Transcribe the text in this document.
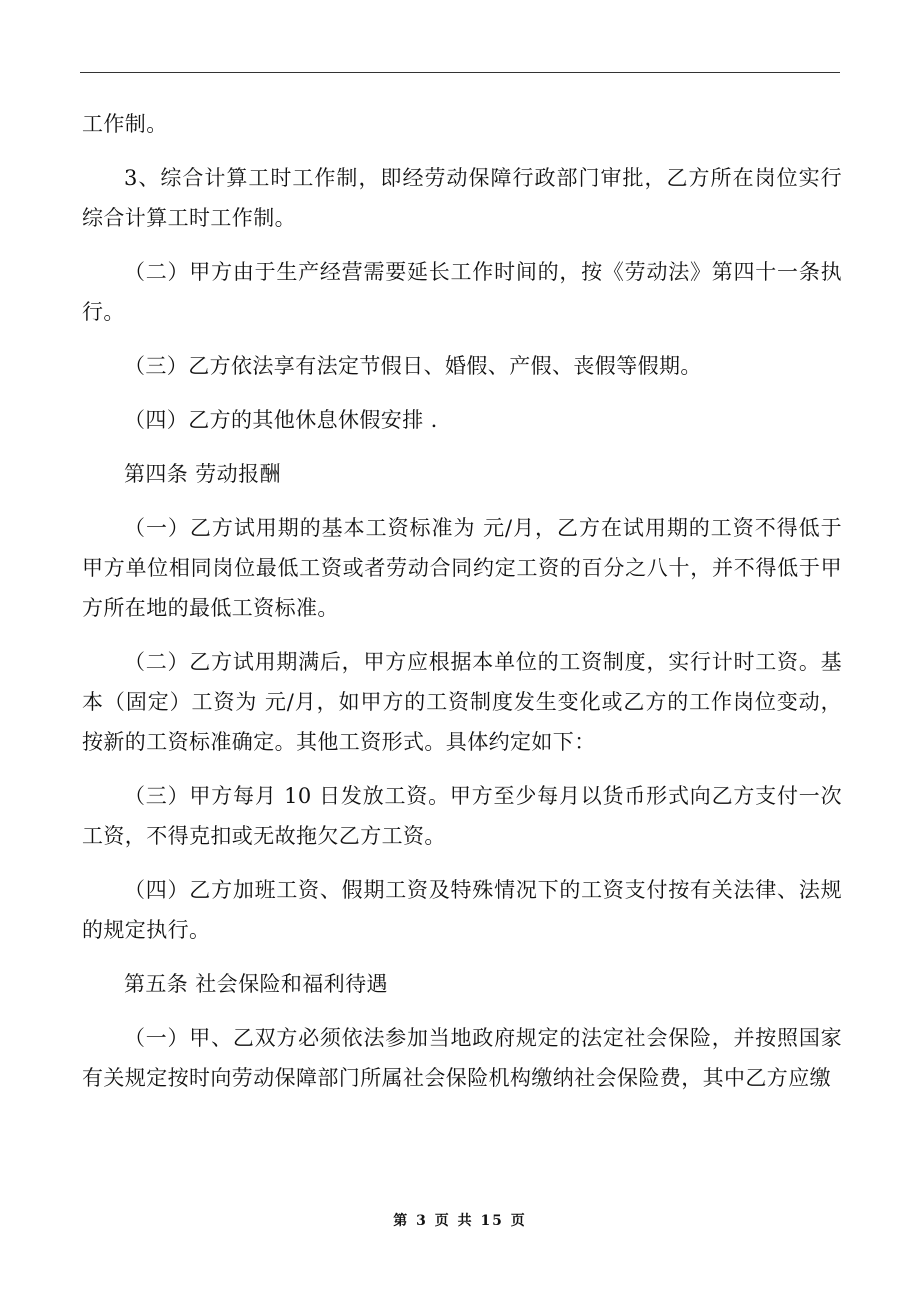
工作制。

3、综合计算工时工作制，即经劳动保障行政部门审批，乙方所在岗位实行综合计算工时工作制。

（二）甲方由于生产经营需要延长工作时间的，按《劳动法》第四十一条执行。

（三）乙方依法享有法定节假日、婚假、产假、丧假等假期。

（四）乙方的其他休息休假安排 .

第四条 劳动报酬

（一）乙方试用期的基本工资标准为 元/月，乙方在试用期的工资不得低于甲方单位相同岗位最低工资或者劳动合同约定工资的百分之八十，并不得低于甲方所在地的最低工资标准。

（二）乙方试用期满后，甲方应根据本单位的工资制度，实行计时工资。基本（固定）工资为 元/月，如甲方的工资制度发生变化或乙方的工作岗位变动，按新的工资标准确定。其他工资形式。具体约定如下：

（三）甲方每月 10 日发放工资。甲方至少每月以货币形式向乙方支付一次工资，不得克扣或无故拖欠乙方工资。

（四）乙方加班工资、假期工资及特殊情况下的工资支付按有关法律、法规的规定执行。

第五条 社会保险和福利待遇

（一）甲、乙双方必须依法参加当地政府规定的法定社会保险，并按照国家有关规定按时向劳动保障部门所属社会保险机构缴纳社会保险费，其中乙方应缴

第 3 页 共 15 页
